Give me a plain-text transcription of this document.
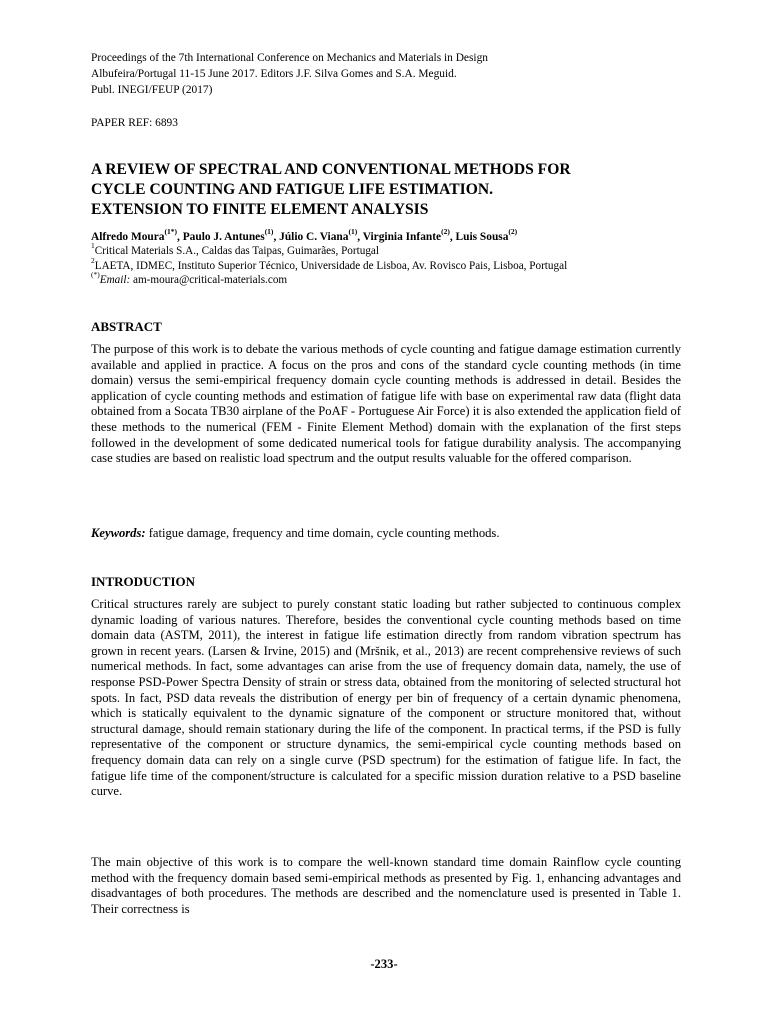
Proceedings of the 7th International Conference on Mechanics and Materials in Design
Albufeira/Portugal 11-15 June 2017. Editors J.F. Silva Gomes and S.A. Meguid.
Publ. INEGI/FEUP (2017)
PAPER REF: 6893
A REVIEW OF SPECTRAL AND CONVENTIONAL METHODS FOR
CYCLE COUNTING AND FATIGUE LIFE ESTIMATION.
EXTENSION TO FINITE ELEMENT ANALYSIS
Alfredo Moura$^{(1*)}$, Paulo J. Antunes$^{(1)}$, Júlio C. Viana$^{(1)}$, Virginia Infante$^{(2)}$, Luis Sousa$^{(2)}$
$^1$Critical Materials S.A., Caldas das Taipas, Guimarães, Portugal
$^2$LAETA, IDMEC, Instituto Superior Técnico, Universidade de Lisboa, Av. Rovisco Pais, Lisboa, Portugal
(*)Email: am-moura@critical-materials.com
ABSTRACT
The purpose of this work is to debate the various methods of cycle counting and fatigue damage estimation currently available and applied in practice. A focus on the pros and cons of the standard cycle counting methods (in time domain) versus the semi-empirical frequency domain cycle counting methods is addressed in detail. Besides the application of cycle counting methods and estimation of fatigue life with base on experimental raw data (flight data obtained from a Socata TB30 airplane of the PoAF - Portuguese Air Force) it is also extended the application field of these methods to the numerical (FEM - Finite Element Method) domain with the explanation of the first steps followed in the development of some dedicated numerical tools for fatigue durability analysis. The accompanying case studies are based on realistic load spectrum and the output results valuable for the offered comparison.
Keywords: fatigue damage, frequency and time domain, cycle counting methods.
INTRODUCTION
Critical structures rarely are subject to purely constant static loading but rather subjected to continuous complex dynamic loading of various natures. Therefore, besides the conventional cycle counting methods based on time domain data (ASTM, 2011), the interest in fatigue life estimation directly from random vibration spectrum has grown in recent years. (Larsen & Irvine, 2015) and (Mršnik, et al., 2013) are recent comprehensive reviews of such numerical methods. In fact, some advantages can arise from the use of frequency domain data, namely, the use of response PSD-Power Spectra Density of strain or stress data, obtained from the monitoring of selected structural hot spots. In fact, PSD data reveals the distribution of energy per bin of frequency of a certain dynamic phenomena, which is statically equivalent to the dynamic signature of the component or structure monitored that, without structural damage, should remain stationary during the life of the component. In practical terms, if the PSD is fully representative of the component or structure dynamics, the semi-empirical cycle counting methods based on frequency domain data can rely on a single curve (PSD spectrum) for the estimation of fatigue life. In fact, the fatigue life time of the component/structure is calculated for a specific mission duration relative to a PSD baseline curve.
The main objective of this work is to compare the well-known standard time domain Rainflow cycle counting method with the frequency domain based semi-empirical methods as presented by Fig. 1, enhancing advantages and disadvantages of both procedures. The methods are described and the nomenclature used is presented in Table 1. Their correctness is
-233-
